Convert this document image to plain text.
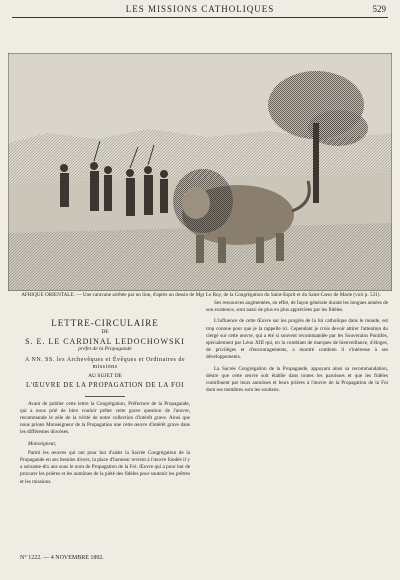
LES MISSIONS CATHOLIQUES	529
AFRIQUE ORIENTALE. — Une caravane arrêtée par un lion, d'après un dessin de Mgr Le Roy, de la Congrégation du Saint-Esprit et du Saint-Cœur de Marie (voir p. 531).
LETTRE-CIRCULAIRE
DE
S. E. LE CARDINAL LEDOCHOWSKI
préfet de la Propagande
A NN. SS. les Archevêques et Évêques et Ordinaires de missions
AU SUJET DE
L'ŒUVRE DE LA PROPAGATION DE LA FOI

Avant de publier cette lettre la Congrégation, Préfecture de la Propagande, qui a nous prié de bien vouloir prêter cette grave question de l'œuvre, recommande le zèle de la vérité de notre collection d'intérêt grave. Ainsi que nous prions Monseigneur de la Propagation une cette œuvre d'intérêt grave dans les différentes diocèses.

Monseigneur,

Parmi les œuvres qui ont pour but d'aider la Sacrée Congrégation de la Propagande en ses besoins divers, la place d'honneur revient à l'œuvre fondée il y a soixante-dix ans sous le nom de Propagation de la Foi. Œuvre qui a pour but de procurer les prières et les aumônes de la piété des fidèles pour soutenir les prêtres et les missions.

Ses ressources augmentées, en effet, de façon générale durant les longues années de son existence, sont aussi de plus en plus appréciées par les fidèles.

L'influence de cette Œuvre sur les progrès de la foi catholique dans le monde, est trop connue pour que je la rappelle ici. Cependant je crois devoir attirer l'attention du clergé sur cette œuvre, qui a été si souvent recommandée par les Souverains Pontifes, spécialement par Léon XIII qui, en la comblant de marques de bienveillance, d'éloges, de privilèges et d'encouragements, a montré combien il s'intéresse à ses développements.

La Sacrée Congrégation de la Propagande, appuyant ainsi sa recommandation, désire que cette œuvre soit établie dans toutes les paroisses et que les fidèles contribuent par leurs aumônes et leurs prières à l'œuvre de la Propagation de la Foi dont ses membres sont les soutiens.

N° 1222. — 4 NOVEMBRE 1892.
